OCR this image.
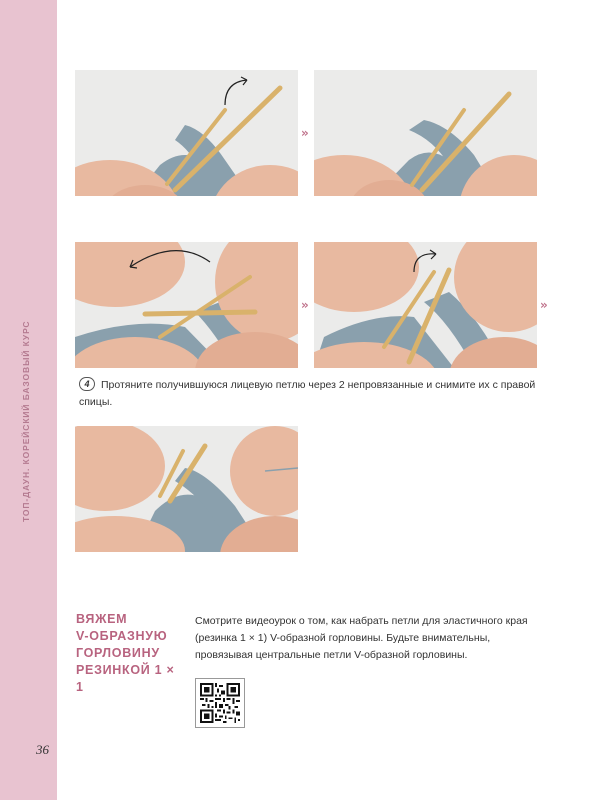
ТОП-ДАУН. КОРЕЙСКИЙ БАЗОВЫЙ КУРС
36
»
»	»
4 Протяните получившуюся лицевую петлю через 2 непровязанные и снимите их с правой спицы.
ВЯЖЕМ
V-ОБРАЗНУЮ
ГОРЛОВИНУ
РЕЗИНКОЙ 1 × 1
Смотрите видеоурок о том, как набрать петли для эластичного края (резинка 1 × 1) V-образной горловины. Будьте внимательны, провязывая центральные петли V-образной горловины.
